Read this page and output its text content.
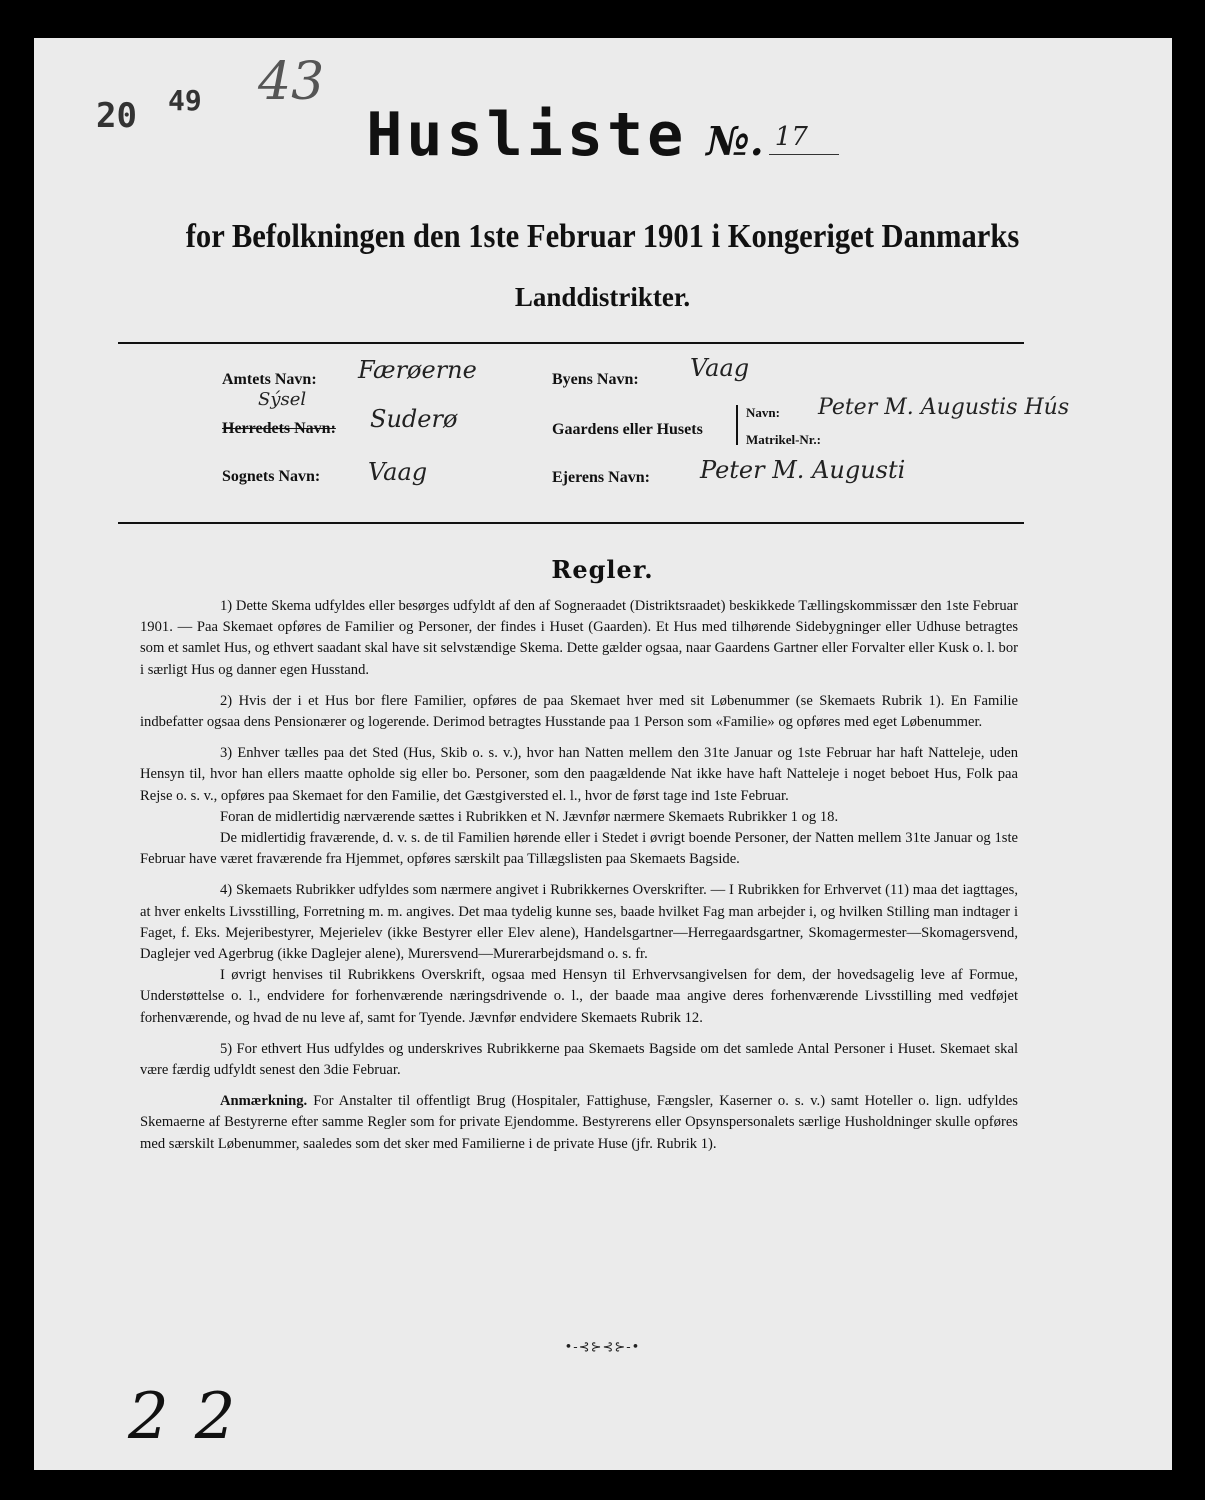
20 49 43
Husliste №. 17
for Befolkningen den 1ste Februar 1901 i Kongeriget Danmarks
Landdistrikter.
Amtets Navn: Færøerne
Sýsel
Herredets Navn: Suderø
Sognets Navn: Vaag
Byens Navn: Vaag
Gaardens eller Husets
Navn: Peter M. Augustis Hús
Matrikel-Nr.:
Ejerens Navn: Peter M. Augusti
Regler.

1) Dette Skema udfyldes eller besørges udfyldt af den af Sogneraadet (Distriktsraadet) beskikkede Tællingskommissær den 1ste Februar 1901. — Paa Skemaet opføres de Familier og Personer, der findes i Huset (Gaarden). Et Hus med tilhørende Sidebygninger eller Udhuse betragtes som et samlet Hus, og ethvert saadant skal have sit selvstændige Skema. Dette gælder ogsaa, naar Gaardens Gartner eller Forvalter eller Kusk o. l. bor i særligt Hus og danner egen Husstand.

2) Hvis der i et Hus bor flere Familier, opføres de paa Skemaet hver med sit Løbenummer (se Skemaets Rubrik 1). En Familie indbefatter ogsaa dens Pensionærer og logerende. Derimod betragtes Husstande paa 1 Person som «Familie» og opføres med eget Løbenummer.

3) Enhver tælles paa det Sted (Hus, Skib o. s. v.), hvor han Natten mellem den 31te Januar og 1ste Februar har haft Natteleje, uden Hensyn til, hvor han ellers maatte opholde sig eller bo. Personer, som den paagældende Nat ikke have haft Natteleje i noget beboet Hus, Folk paa Rejse o. s. v., opføres paa Skemaet for den Familie, det Gæstgiversted el. l., hvor de først tage ind 1ste Februar.

Foran de midlertidig nærværende sættes i Rubrikken et N. Jævnfør nærmere Skemaets Rubrikker 1 og 18.

De midlertidig fraværende, d. v. s. de til Familien hørende eller i Stedet i øvrigt boende Personer, der Natten mellem 31te Januar og 1ste Februar have været fraværende fra Hjemmet, opføres særskilt paa Tillægslisten paa Skemaets Bagside.

4) Skemaets Rubrikker udfyldes som nærmere angivet i Rubrikkernes Overskrifter. — I Rubrikken for Erhvervet (11) maa det iagttages, at hver enkelts Livsstilling, Forretning m. m. angives. Det maa tydelig kunne ses, baade hvilket Fag man arbejder i, og hvilken Stilling man indtager i Faget, f. Eks. Mejeribestyrer, Mejerielev (ikke Bestyrer eller Elev alene), Handelsgartner—Herregaardsgartner, Skomagermester—Skomagersvend, Daglejer ved Agerbrug (ikke Daglejer alene), Murersvend—Murerarbejdsmand o. s. fr.

I øvrigt henvises til Rubrikkens Overskrift, ogsaa med Hensyn til Erhvervsangivelsen for dem, der hovedsagelig leve af Formue, Understøttelse o. l., endvidere for forhenværende næringsdrivende o. l., der baade maa angive deres forhenværende Livsstilling med vedføjet forhenværende, og hvad de nu leve af, samt for Tyende. Jævnfør endvidere Skemaets Rubrik 12.

5) For ethvert Hus udfyldes og underskrives Rubrikkerne paa Skemaets Bagside om det samlede Antal Personer i Huset. Skemaet skal være færdig udfyldt senest den 3die Februar.

Anmærkning. For Anstalter til offentligt Brug (Hospitaler, Fattighuse, Fængsler, Kaserner o. s. v.) samt Hoteller o. lign. udfyldes Skemaerne af Bestyrerne efter samme Regler som for private Ejendomme. Bestyrerens eller Opsynspersonalets særlige Husholdninger skulle opføres med særskilt Løbenummer, saaledes som det sker med Familierne i de private Huse (jfr. Rubrik 1).

•-⊰⊱⊰⊱-•
22
